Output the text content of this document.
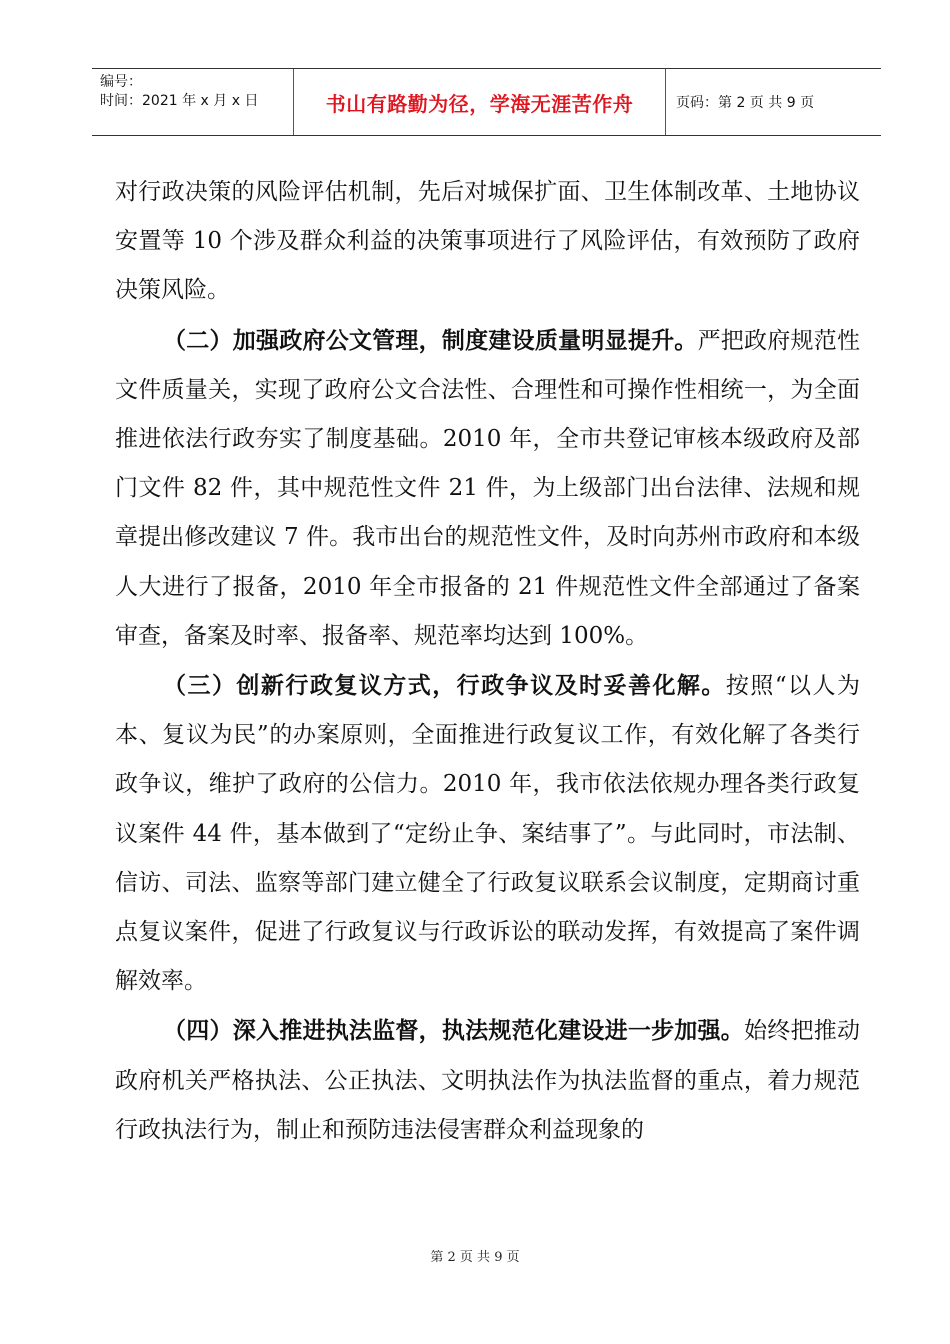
编号：
时间：2021 年 x 月 x 日	书山有路勤为径，学海无涯苦作舟	页码：第 2 页 共 9 页

对行政决策的风险评估机制，先后对城保扩面、卫生体制改革、土地协议安置等 10 个涉及群众利益的决策事项进行了风险评估，有效预防了政府决策风险。

（二）加强政府公文管理，制度建设质量明显提升。严把政府规范性文件质量关，实现了政府公文合法性、合理性和可操作性相统一，为全面推进依法行政夯实了制度基础。2010 年，全市共登记审核本级政府及部门文件 82 件，其中规范性文件 21 件，为上级部门出台法律、法规和规章提出修改建议 7 件。我市出台的规范性文件，及时向苏州市政府和本级人大进行了报备，2010 年全市报备的 21 件规范性文件全部通过了备案审查，备案及时率、报备率、规范率均达到 100%。

（三）创新行政复议方式，行政争议及时妥善化解。按照“以人为本、复议为民”的办案原则，全面推进行政复议工作，有效化解了各类行政争议，维护了政府的公信力。2010 年，我市依法依规办理各类行政复议案件 44 件，基本做到了“定纷止争、案结事了”。与此同时，市法制、信访、司法、监察等部门建立健全了行政复议联系会议制度，定期商讨重点复议案件，促进了行政复议与行政诉讼的联动发挥，有效提高了案件调解效率。

（四）深入推进执法监督，执法规范化建设进一步加强。始终把推动政府机关严格执法、公正执法、文明执法作为执法监督的重点，着力规范行政执法行为，制止和预防违法侵害群众利益现象的

第 2 页 共 9 页
